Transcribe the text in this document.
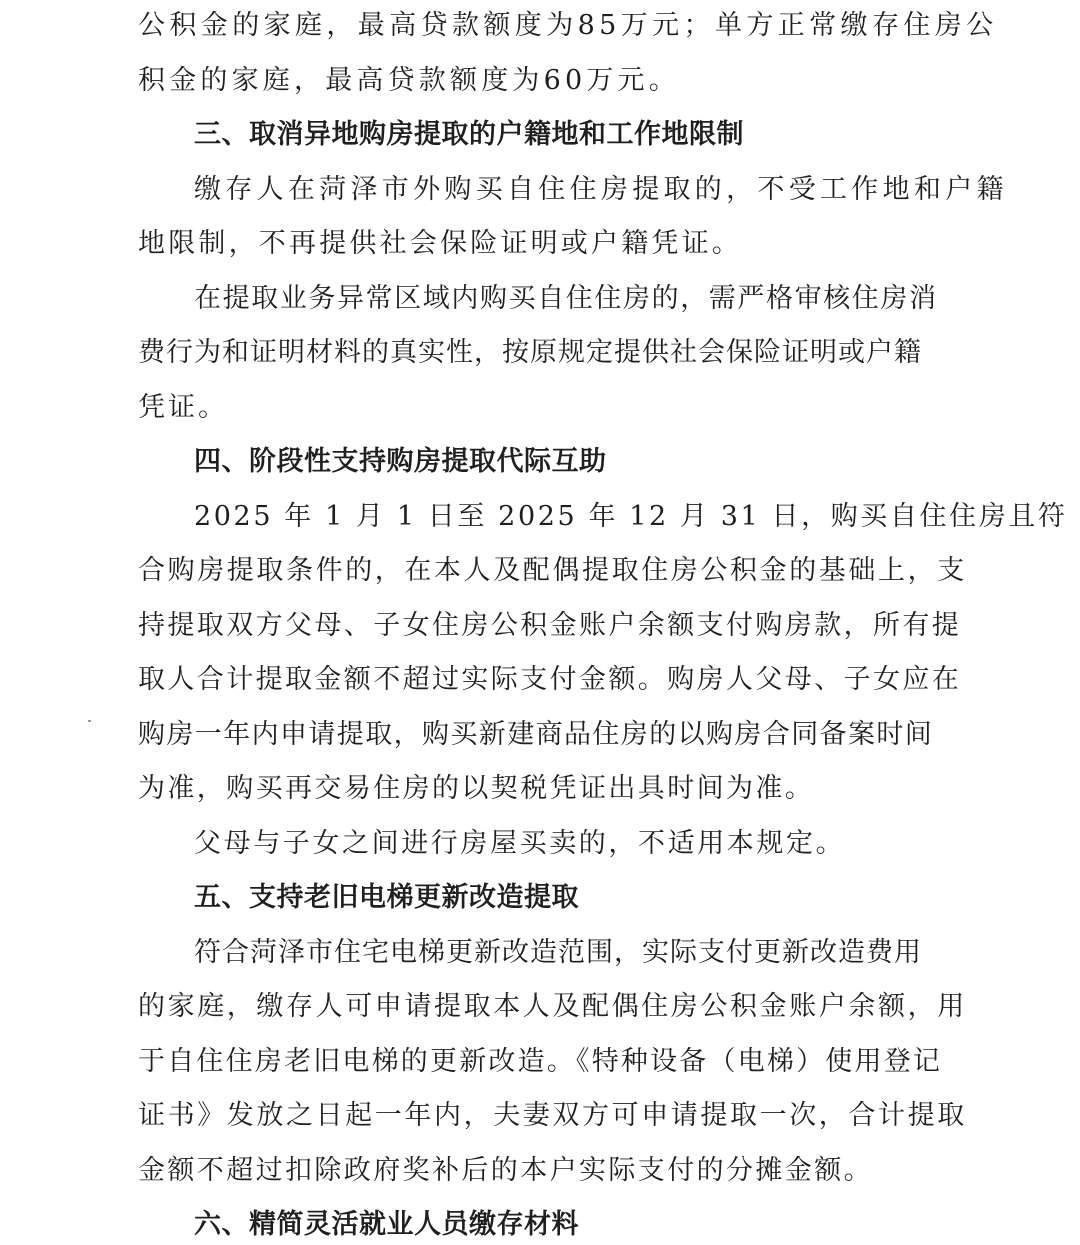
公积金的家庭，最高贷款额度为85万元；单方正常缴存住房公
积金的家庭，最高贷款额度为60万元。
三、取消异地购房提取的户籍地和工作地限制
缴存人在菏泽市外购买自住住房提取的，不受工作地和户籍
地限制，不再提供社会保险证明或户籍凭证。
在提取业务异常区域内购买自住住房的，需严格审核住房消
费行为和证明材料的真实性，按原规定提供社会保险证明或户籍
凭证。
四、阶段性支持购房提取代际互助
2025 年 1 月 1 日至 2025 年 12 月 31 日，购买自住住房且符
合购房提取条件的，在本人及配偶提取住房公积金的基础上，支
持提取双方父母、子女住房公积金账户余额支付购房款，所有提
取人合计提取金额不超过实际支付金额。购房人父母、子女应在
购房一年内申请提取，购买新建商品住房的以购房合同备案时间
为准，购买再交易住房的以契税凭证出具时间为准。
父母与子女之间进行房屋买卖的，不适用本规定。
五、支持老旧电梯更新改造提取
符合菏泽市住宅电梯更新改造范围，实际支付更新改造费用
的家庭，缴存人可申请提取本人及配偶住房公积金账户余额，用
于自住住房老旧电梯的更新改造。《特种设备（电梯）使用登记
证书》发放之日起一年内，夫妻双方可申请提取一次，合计提取
金额不超过扣除政府奖补后的本户实际支付的分摊金额。
六、精简灵活就业人员缴存材料
